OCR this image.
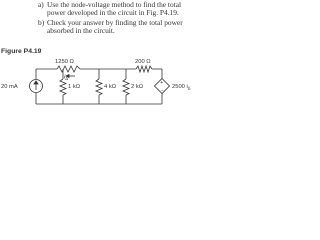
a) Use the node-voltage method to find the total
power developed in the circuit in Fig. P4.19.
b) Check your answer by finding the total power
absorbed in the circuit.
Figure P4.19
+
−
20 mA
1250 Ω	200 Ω
1 kΩ	4 kΩ	2 kΩ	2500 $i_\Delta$
$i_\Delta$
